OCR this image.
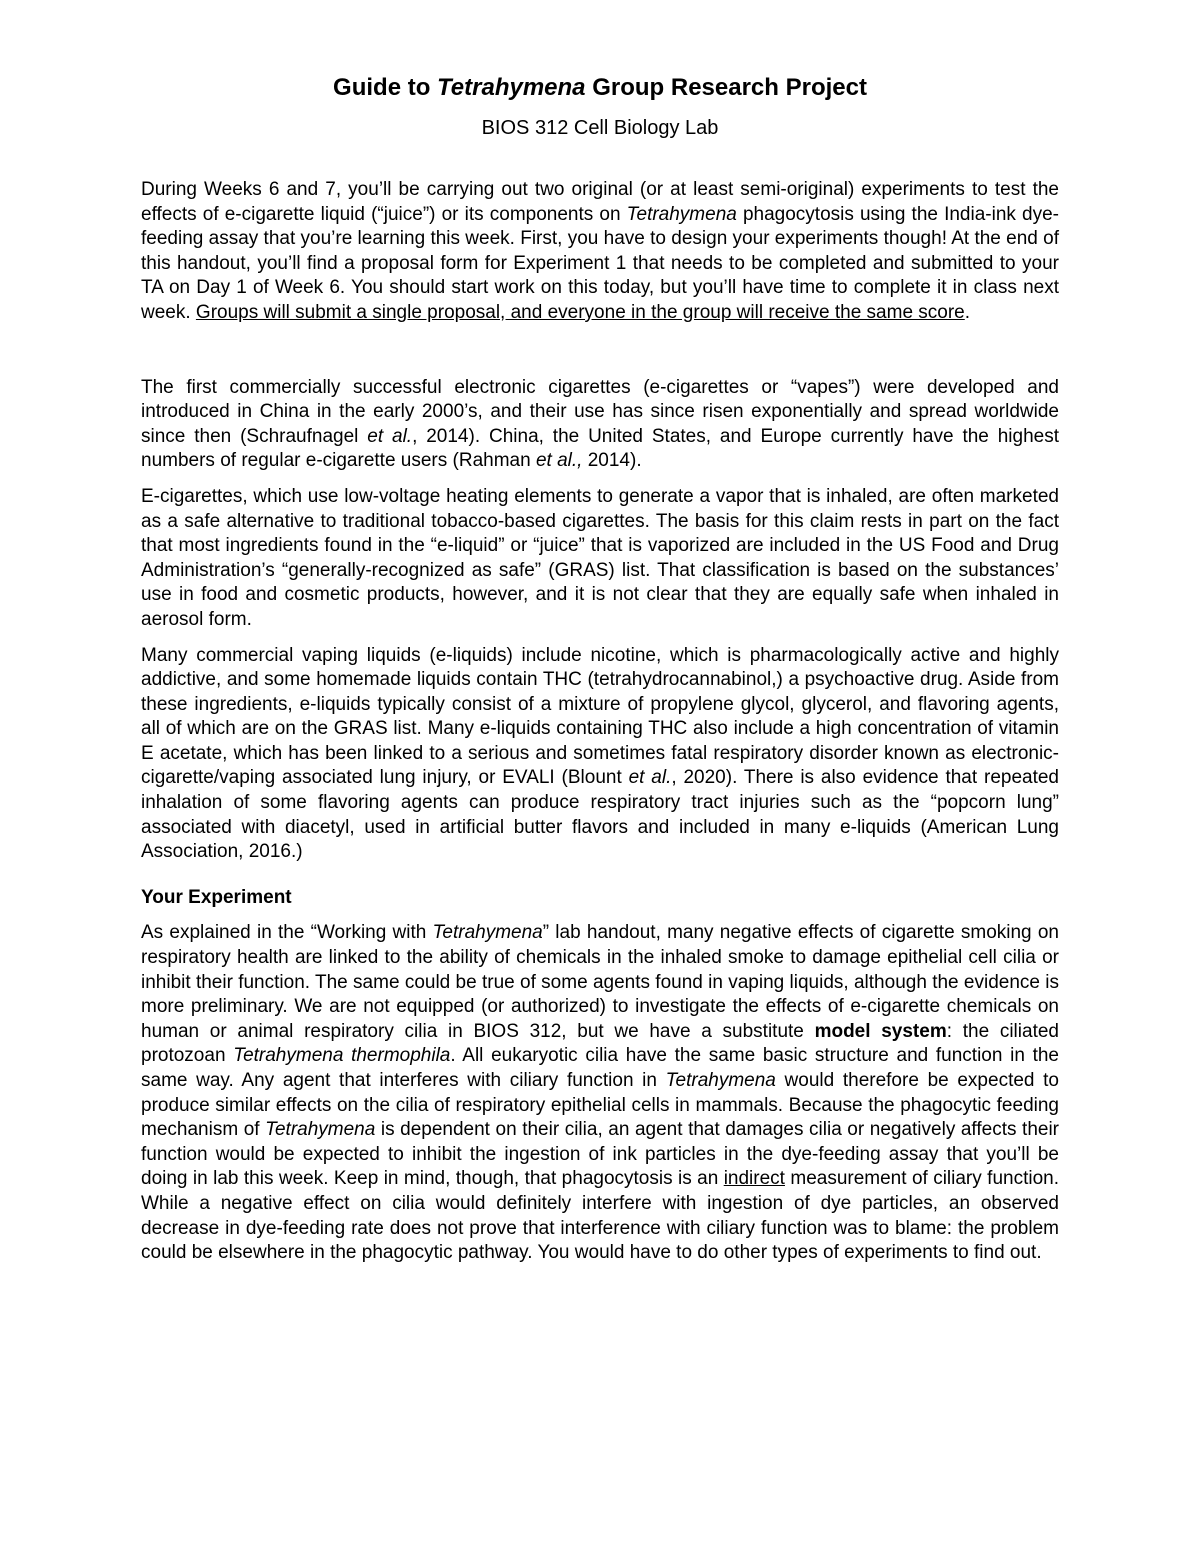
Guide to Tetrahymena Group Research Project
BIOS 312 Cell Biology Lab

During Weeks 6 and 7, you’ll be carrying out two original (or at least semi-original) experiments to test the effects of e-cigarette liquid (“juice”) or its components on Tetrahymena phagocytosis using the India-ink dye-feeding assay that you’re learning this week. First, you have to design your experiments though! At the end of this handout, you’ll find a proposal form for Experiment 1 that needs to be completed and submitted to your TA on Day 1 of Week 6. You should start work on this today, but you’ll have time to complete it in class next week. Groups will submit a single proposal, and everyone in the group will receive the same score.

The first commercially successful electronic cigarettes (e-cigarettes or “vapes”) were developed and introduced in China in the early 2000’s, and their use has since risen exponentially and spread worldwide since then (Schraufnagel et al., 2014). China, the United States, and Europe currently have the highest numbers of regular e-cigarette users (Rahman et al., 2014).

E-cigarettes, which use low-voltage heating elements to generate a vapor that is inhaled, are often marketed as a safe alternative to traditional tobacco-based cigarettes. The basis for this claim rests in part on the fact that most ingredients found in the “e-liquid” or “juice” that is vaporized are included in the US Food and Drug Administration’s “generally-recognized as safe” (GRAS) list. That classification is based on the substances’ use in food and cosmetic products, however, and it is not clear that they are equally safe when inhaled in aerosol form.

Many commercial vaping liquids (e-liquids) include nicotine, which is pharmacologically active and highly addictive, and some homemade liquids contain THC (tetrahydrocannabinol,) a psychoactive drug. Aside from these ingredients, e-liquids typically consist of a mixture of propylene glycol, glycerol, and flavoring agents, all of which are on the GRAS list. Many e-liquids containing THC also include a high concentration of vitamin E acetate, which has been linked to a serious and sometimes fatal respiratory disorder known as electronic-cigarette/vaping associated lung injury, or EVALI (Blount et al., 2020). There is also evidence that repeated inhalation of some flavoring agents can produce respiratory tract injuries such as the “popcorn lung” associated with diacetyl, used in artificial butter flavors and included in many e-liquids (American Lung Association, 2016.)

Your Experiment

As explained in the “Working with Tetrahymena” lab handout, many negative effects of cigarette smoking on respiratory health are linked to the ability of chemicals in the inhaled smoke to damage epithelial cell cilia or inhibit their function. The same could be true of some agents found in vaping liquids, although the evidence is more preliminary. We are not equipped (or authorized) to investigate the effects of e-cigarette chemicals on human or animal respiratory cilia in BIOS 312, but we have a substitute model system: the ciliated protozoan Tetrahymena thermophila. All eukaryotic cilia have the same basic structure and function in the same way. Any agent that interferes with ciliary function in Tetrahymena would therefore be expected to produce similar effects on the cilia of respiratory epithelial cells in mammals. Because the phagocytic feeding mechanism of Tetrahymena is dependent on their cilia, an agent that damages cilia or negatively affects their function would be expected to inhibit the ingestion of ink particles in the dye-feeding assay that you’ll be doing in lab this week. Keep in mind, though, that phagocytosis is an indirect measurement of ciliary function. While a negative effect on cilia would definitely interfere with ingestion of dye particles, an observed decrease in dye-feeding rate does not prove that interference with ciliary function was to blame: the problem could be elsewhere in the phagocytic pathway. You would have to do other types of experiments to find out.
